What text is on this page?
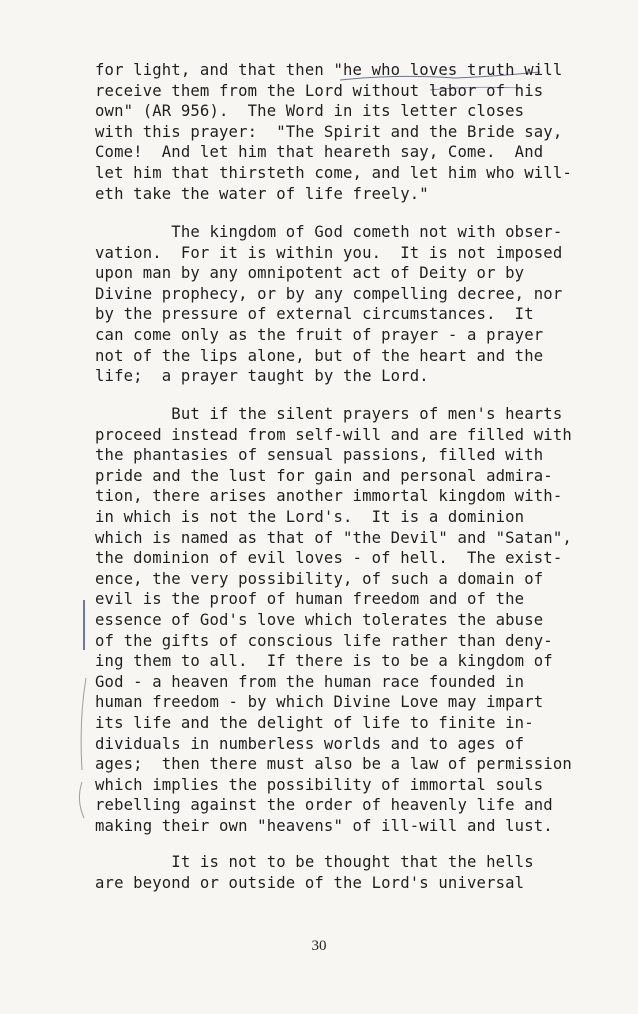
for light, and that then "he who loves truth will
receive them from the Lord without labor of his
own" (AR 956).  The Word in its letter closes
with this prayer:  "The Spirit and the Bride say,
Come!  And let him that heareth say, Come.  And
let him that thirsteth come, and let him who will-
eth take the water of life freely."
The kingdom of God cometh not with obser-
vation.  For it is within you.  It is not imposed
upon man by any omnipotent act of Deity or by
Divine prophecy, or by any compelling decree, nor
by the pressure of external circumstances.  It
can come only as the fruit of prayer - a prayer
not of the lips alone, but of the heart and the
life;  a prayer taught by the Lord.
But if the silent prayers of men's hearts
proceed instead from self-will and are filled with
the phantasies of sensual passions, filled with
pride and the lust for gain and personal admira-
tion, there arises another immortal kingdom with-
in which is not the Lord's.  It is a dominion
which is named as that of "the Devil" and "Satan",
the dominion of evil loves - of hell.  The exist-
ence, the very possibility, of such a domain of
evil is the proof of human freedom and of the
essence of God's love which tolerates the abuse
of the gifts of conscious life rather than deny-
ing them to all.  If there is to be a kingdom of
God - a heaven from the human race founded in
human freedom - by which Divine Love may impart
its life and the delight of life to finite in-
dividuals in numberless worlds and to ages of
ages;  then there must also be a law of permission
which implies the possibility of immortal souls
rebelling against the order of heavenly life and
making their own "heavens" of ill-will and lust.
It is not to be thought that the hells
are beyond or outside of the Lord's universal
30
